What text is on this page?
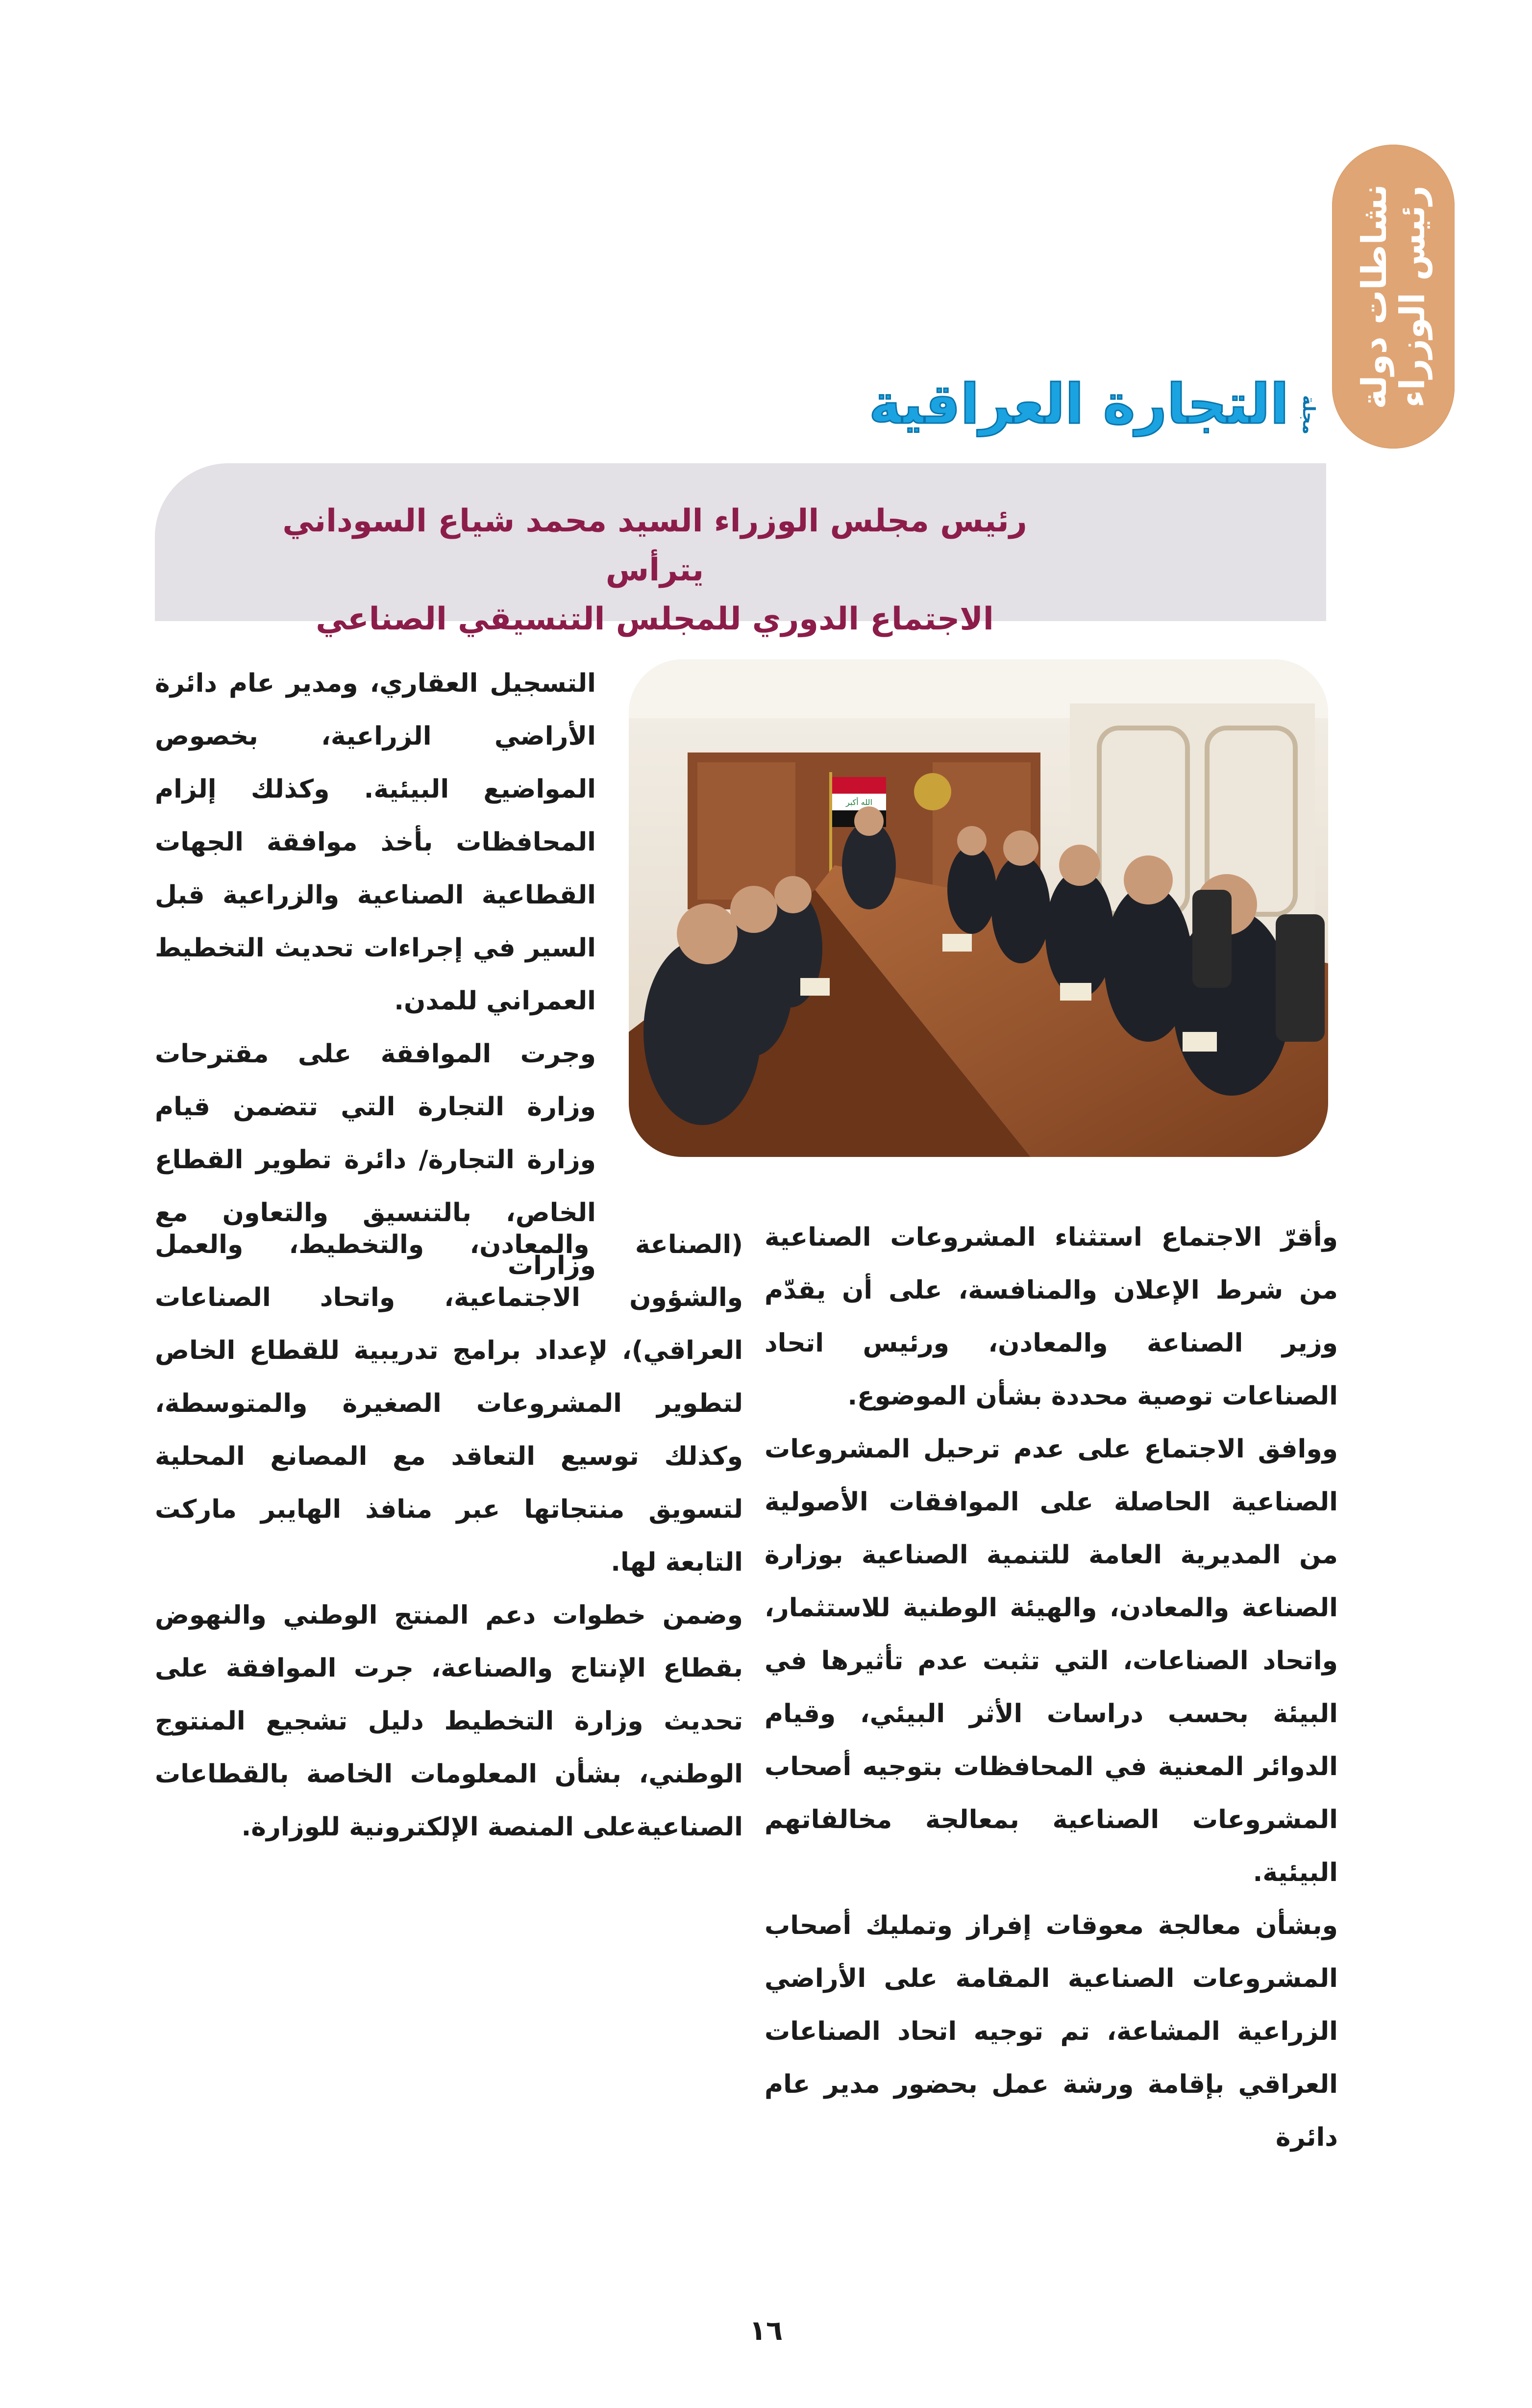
نشاطات دولة رئيس الوزراء
مجلة
التجارة العراقية
رئيس مجلس الوزراء السيد محمد شياع السوداني يترأس
الاجتماع الدوري للمجلس التنسيقي الصناعي
الله أكبر

التسجيل العقاري، ومدير عام دائرة الأراضي الزراعية، بخصوص المواضيع البيئية. وكذلك إلزام المحافظات بأخذ موافقة الجهات القطاعية الصناعية والزراعية قبل السير في إجراءات تحديث التخطيط العمراني للمدن.

وجرت الموافقة على مقترحات وزارة التجارة التي تتضمن قيام وزارة التجارة/ دائرة تطوير القطاع الخاص، بالتنسيق والتعاون مع وزارات

(الصناعة والمعادن، والتخطيط، والعمل والشؤون الاجتماعية، واتحاد الصناعات العراقي)، لإعداد برامج تدريبية للقطاع الخاص لتطوير المشروعات الصغيرة والمتوسطة، وكذلك توسيع التعاقد مع المصانع المحلية لتسويق منتجاتها عبر منافذ الهايبر ماركت التابعة لها.

وضمن خطوات دعم المنتج الوطني والنهوض بقطاع الإنتاج والصناعة، جرت الموافقة على تحديث وزارة التخطيط دليل تشجيع المنتوج الوطني، بشأن المعلومات الخاصة بالقطاعات الصناعيةعلى المنصة الإلكترونية للوزارة.

وأقرّ الاجتماع استثناء المشروعات الصناعية من شرط الإعلان والمنافسة، على أن يقدّم وزير الصناعة والمعادن، ورئيس اتحاد الصناعات توصية محددة بشأن الموضوع.

ووافق الاجتماع على عدم ترحيل المشروعات الصناعية الحاصلة على الموافقات الأصولية من المديرية العامة للتنمية الصناعية بوزارة الصناعة والمعادن، والهيئة الوطنية للاستثمار، واتحاد الصناعات، التي تثبت عدم تأثيرها في البيئة بحسب دراسات الأثر البيئي، وقيام الدوائر المعنية في المحافظات بتوجيه أصحاب المشروعات الصناعية بمعالجة مخالفاتهم البيئية.

وبشأن معالجة معوقات إفراز وتمليك أصحاب المشروعات الصناعية المقامة على الأراضي الزراعية المشاعة، تم توجيه اتحاد الصناعات العراقي بإقامة ورشة عمل بحضور مدير عام دائرة

١٦
